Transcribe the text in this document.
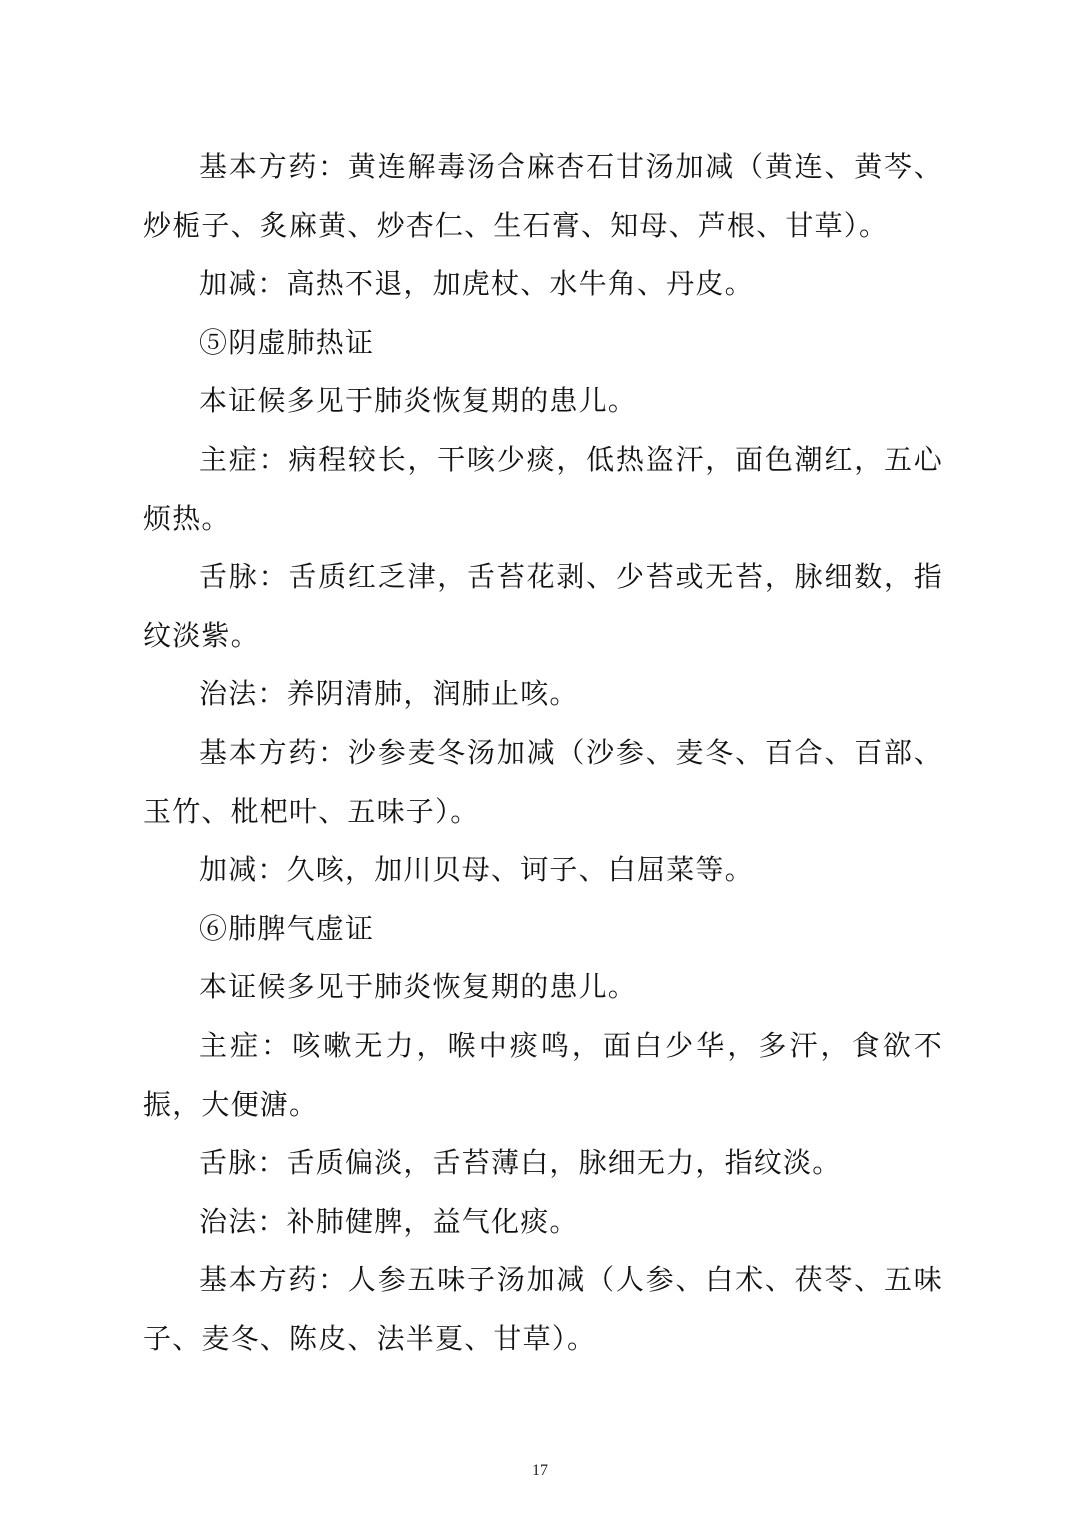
基本方药：黄连解毒汤合麻杏石甘汤加减（黄连、黄芩、炒栀子、炙麻黄、炒杏仁、生石膏、知母、芦根、甘草）。

加减：高热不退，加虎杖、水牛角、丹皮。

⑤阴虚肺热证

本证候多见于肺炎恢复期的患儿。

主症：病程较长，干咳少痰，低热盗汗，面色潮红，五心烦热。

舌脉：舌质红乏津，舌苔花剥、少苔或无苔，脉细数，指纹淡紫。

治法：养阴清肺，润肺止咳。

基本方药：沙参麦冬汤加减（沙参、麦冬、百合、百部、玉竹、枇杷叶、五味子）。

加减：久咳，加川贝母、诃子、白屈菜等。

⑥肺脾气虚证

本证候多见于肺炎恢复期的患儿。

主症：咳嗽无力，喉中痰鸣，面白少华，多汗，食欲不振，大便溏。

舌脉：舌质偏淡，舌苔薄白，脉细无力，指纹淡。

治法：补肺健脾，益气化痰。

基本方药：人参五味子汤加减（人参、白术、茯苓、五味子、麦冬、陈皮、法半夏、甘草）。

17
